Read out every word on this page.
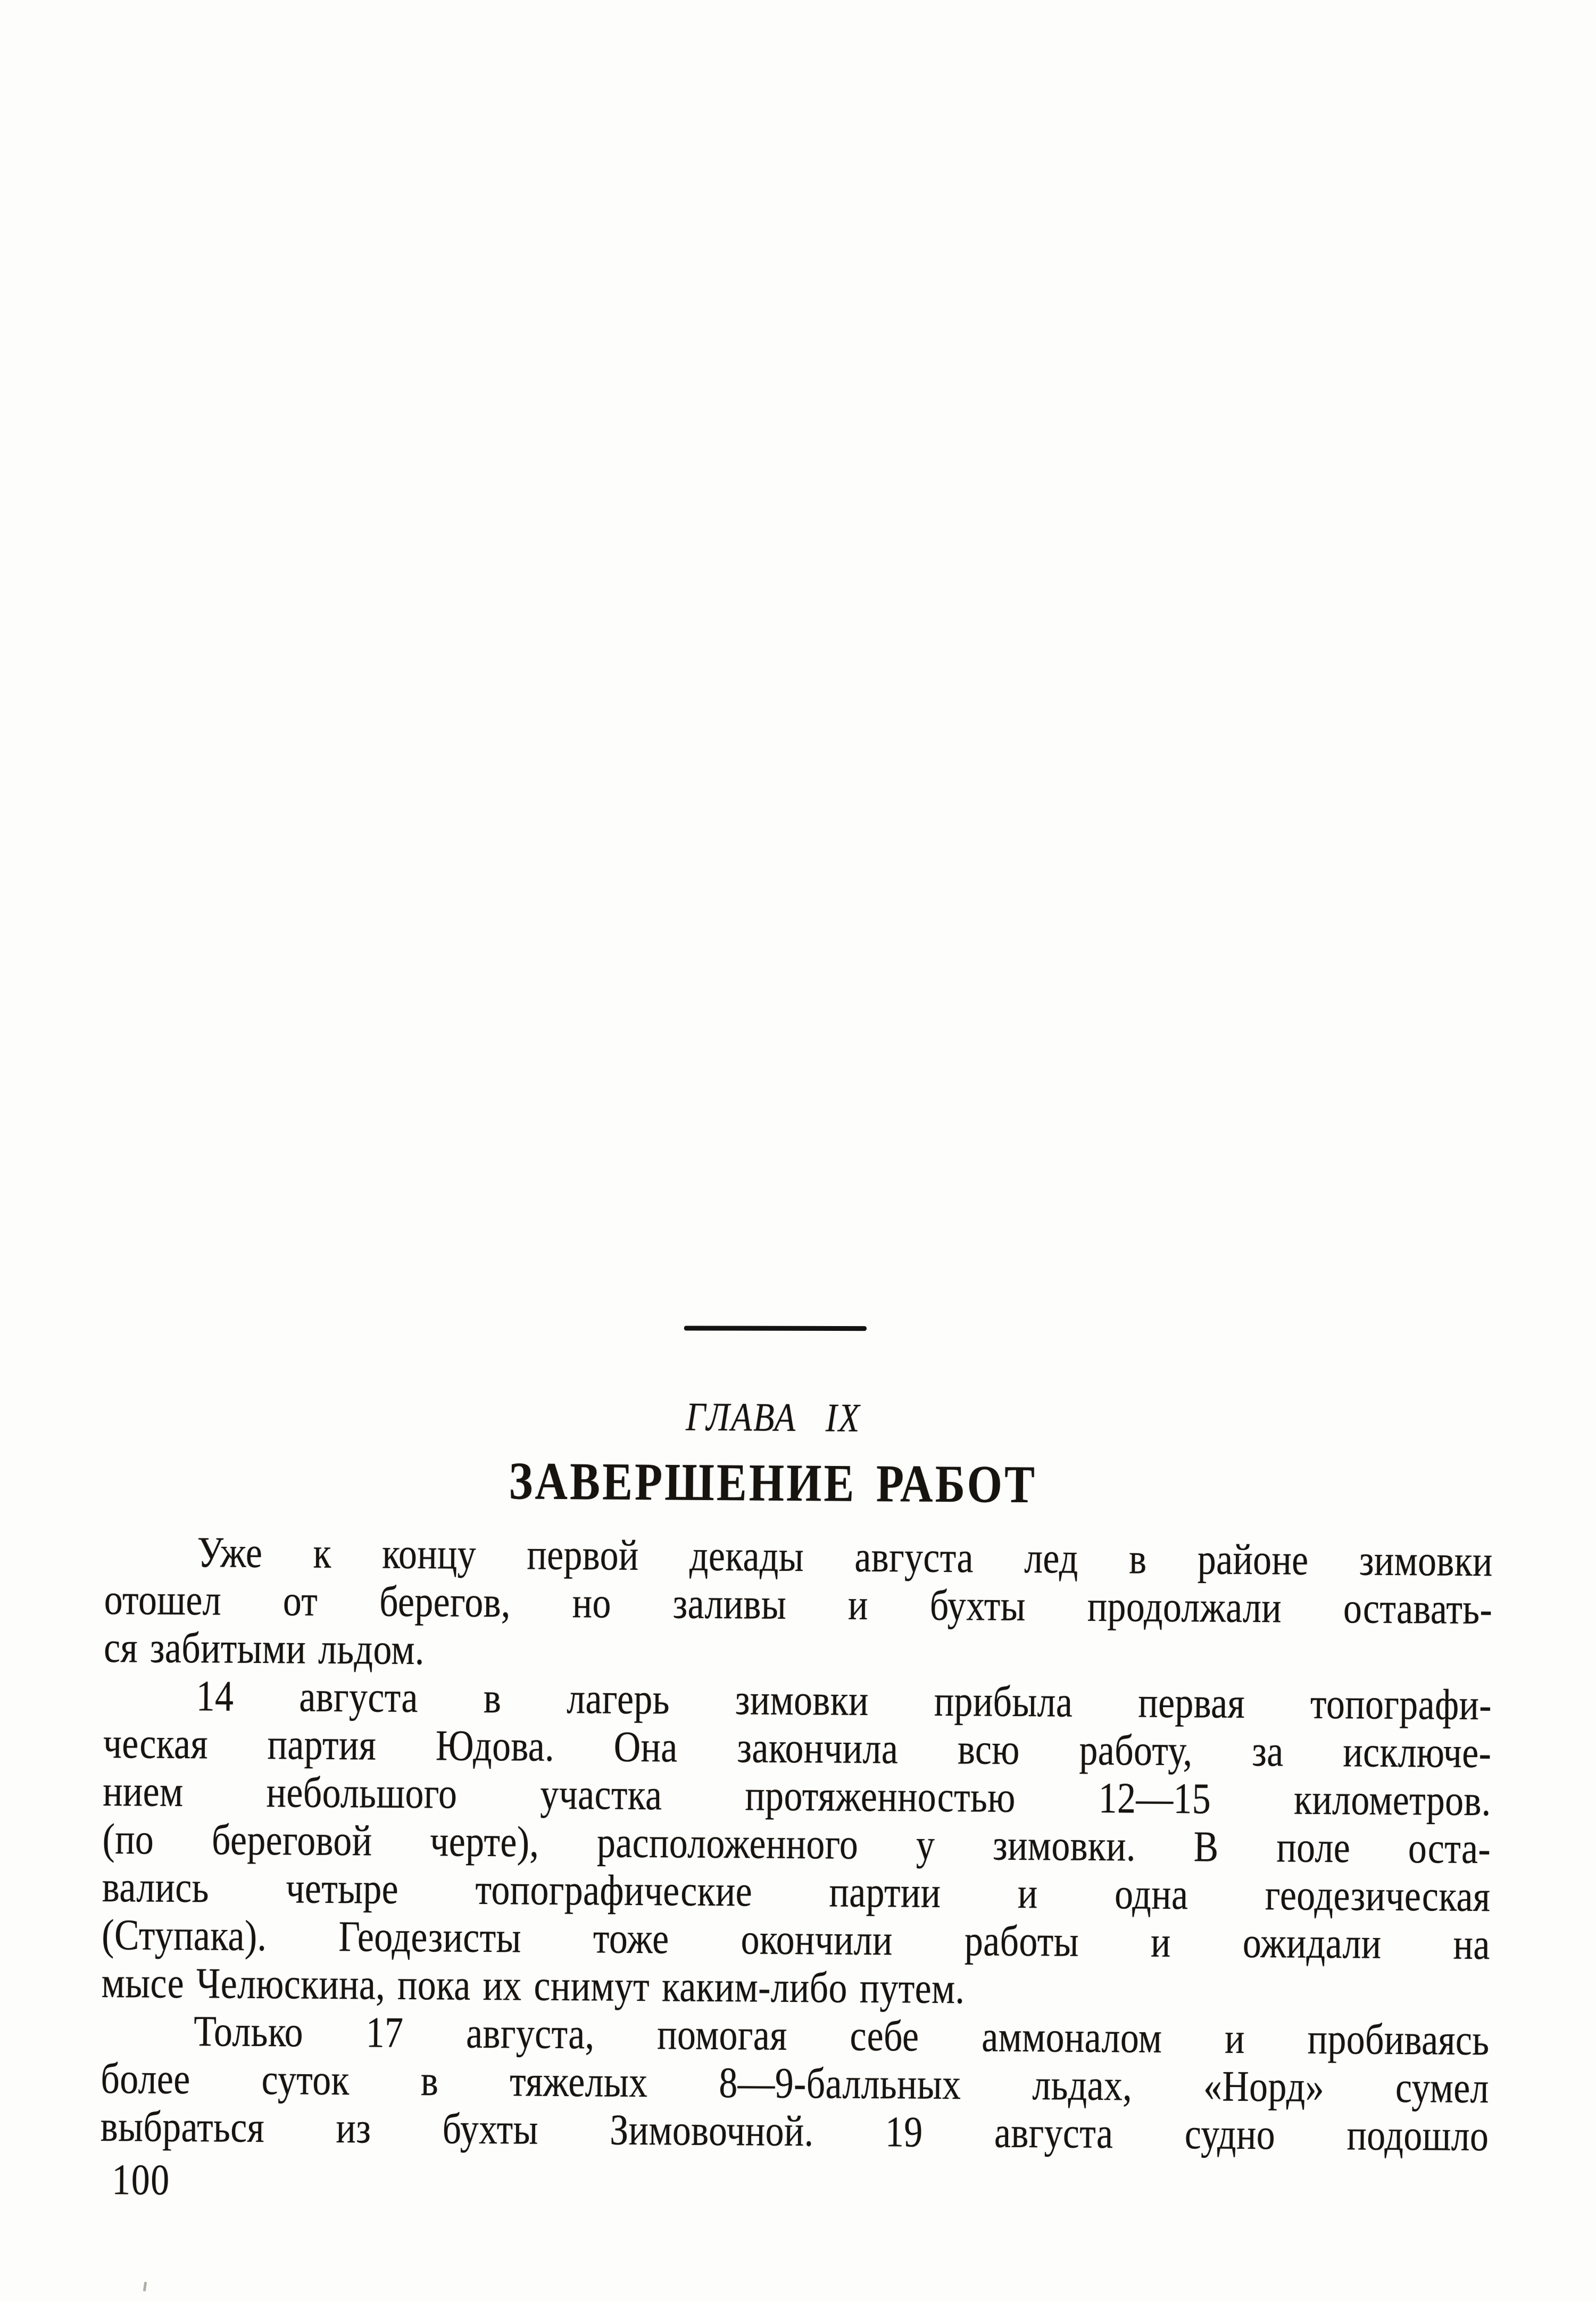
ГЛАВА IX
ЗАВЕРШЕНИЕ РАБОТ
Уже к концу первой декады августа лед в районе зимовки
отошел от берегов, но заливы и бухты продолжали оставать-
ся забитыми льдом.
14 августа в лагерь зимовки прибыла первая топографи-
ческая партия Юдова. Она закончила всю работу, за исключе-
нием небольшого участка протяженностью 12—15 километров.
(по береговой черте), расположенного у зимовки. В поле оста-
вались четыре топографические партии и одна геодезическая
(Ступака). Геодезисты тоже окончили работы и ожидали на
мысе Челюскина, пока их снимут каким-либо путем.
Только 17 августа, помогая себе аммоналом и пробиваясь
более суток в тяжелых 8—9-балльных льдах, «Норд» сумел
выбраться из бухты Зимовочной. 19 августа судно подошло
100
